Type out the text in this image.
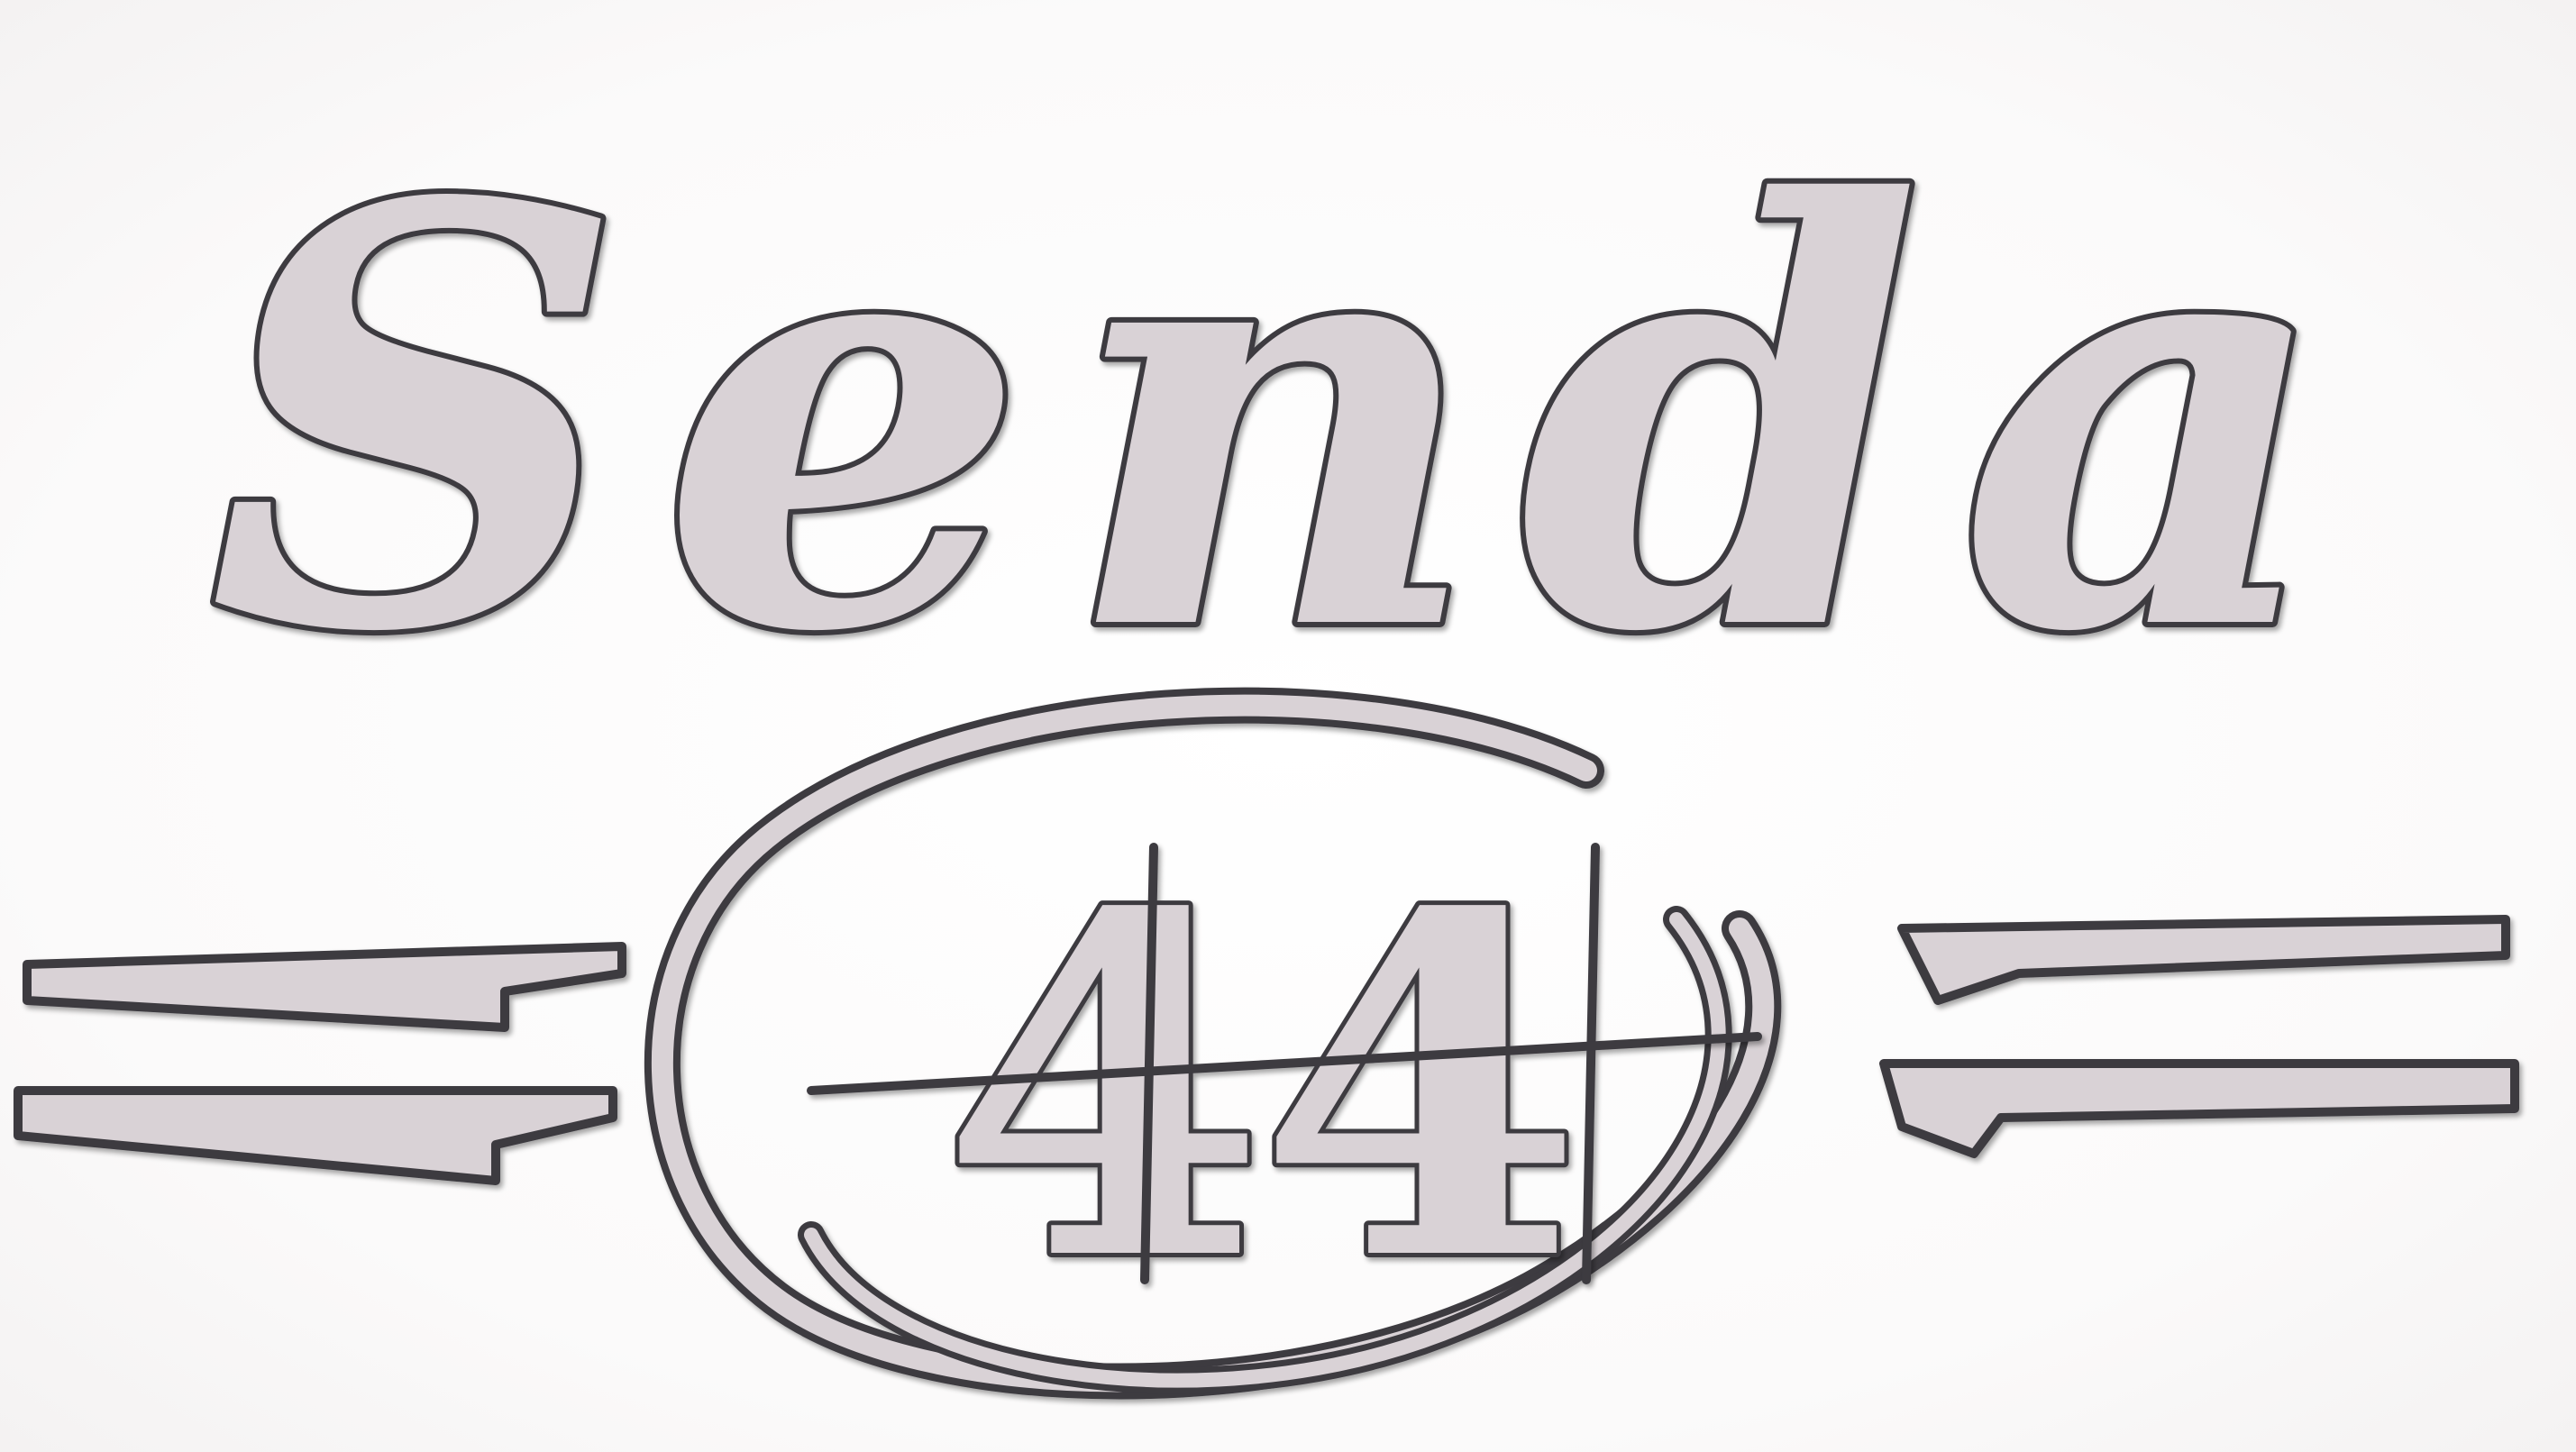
Senda
44
